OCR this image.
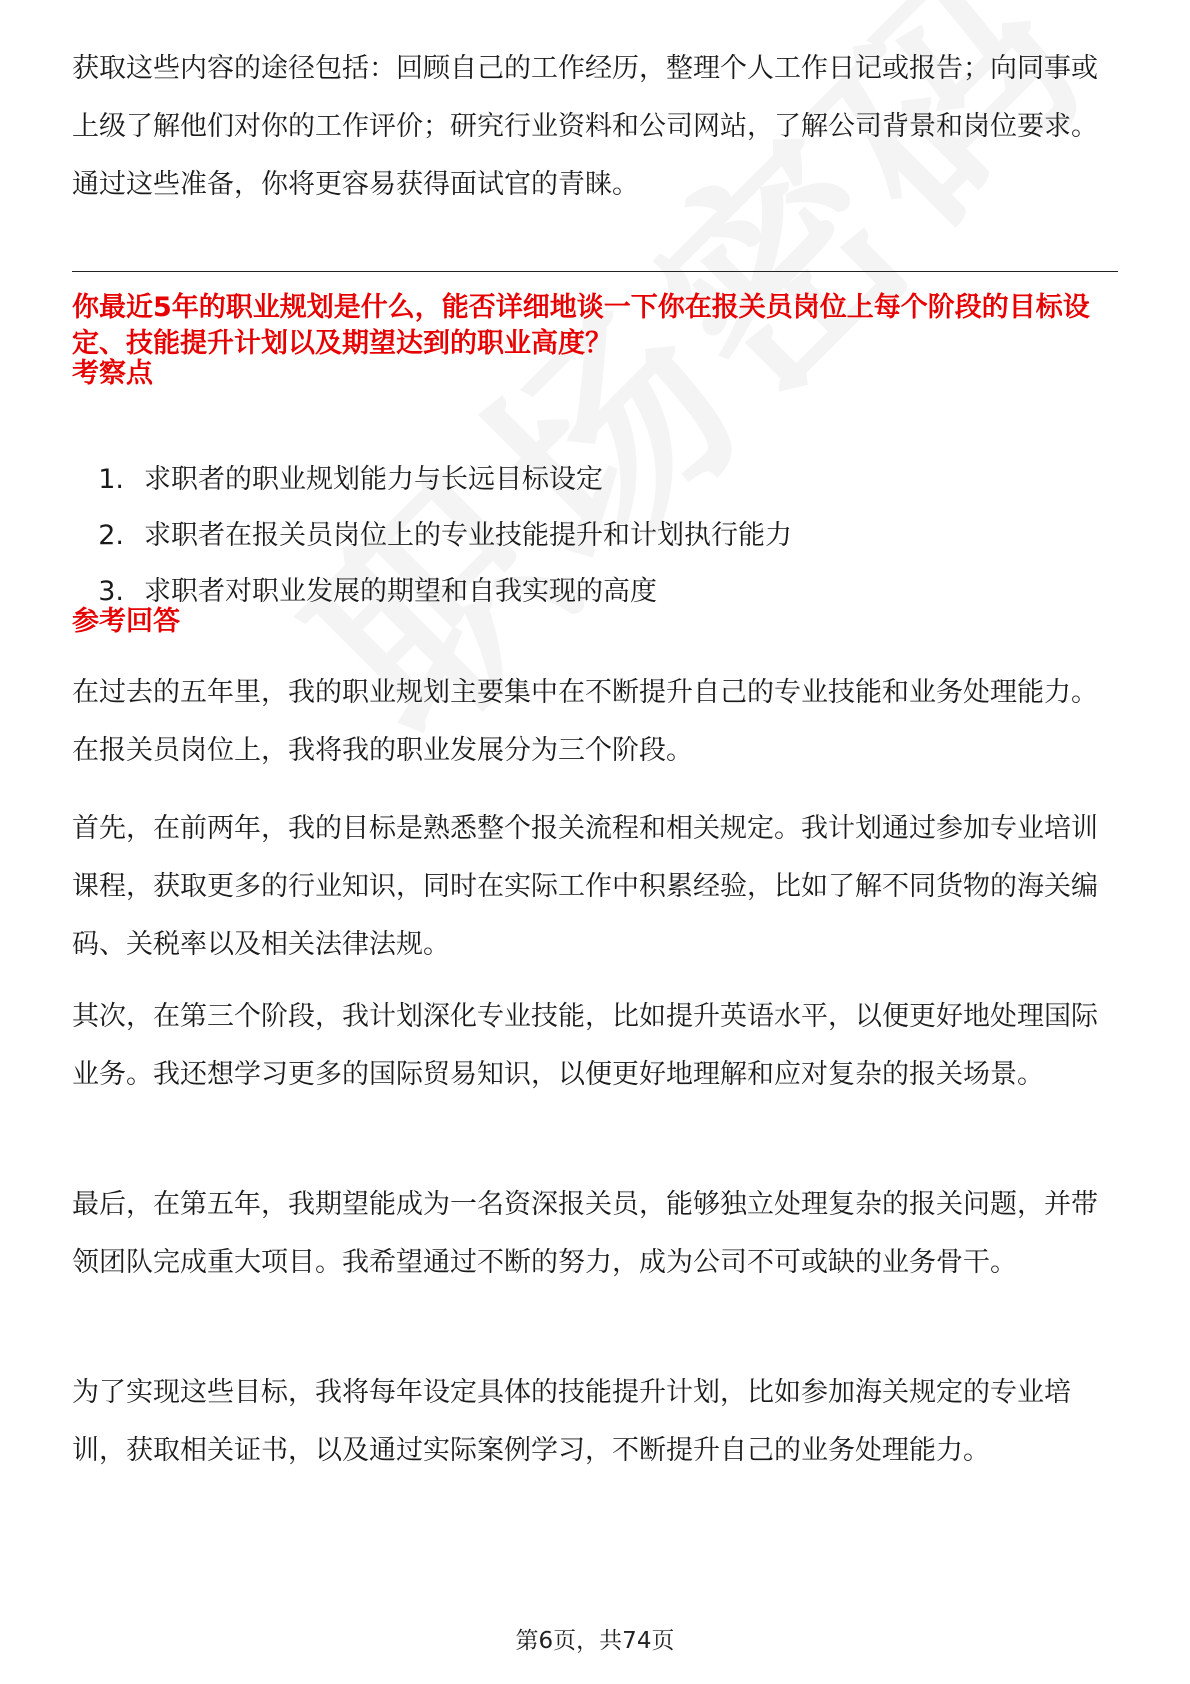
获取这些内容的途径包括：回顾自己的工作经历，整理个人工作日记或报告；向同事或上级了解他们对你的工作评价；研究行业资料和公司网站，了解公司背景和岗位要求。通过这些准备，你将更容易获得面试官的青睐。

你最近5年的职业规划是什么，能否详细地谈一下你在报关员岗位上每个阶段的目标设定、技能提升计划以及期望达到的职业高度？

考察点
1. 求职者的职业规划能力与长远目标设定
2. 求职者在报关员岗位上的专业技能提升和计划执行能力
3. 求职者对职业发展的期望和自我实现的高度
参考回答

在过去的五年里，我的职业规划主要集中在不断提升自己的专业技能和业务处理能力。在报关员岗位上，我将我的职业发展分为三个阶段。

首先，在前两年，我的目标是熟悉整个报关流程和相关规定。我计划通过参加专业培训课程，获取更多的行业知识，同时在实际工作中积累经验，比如了解不同货物的海关编码、关税率以及相关法律法规。

其次，在第三个阶段，我计划深化专业技能，比如提升英语水平，以便更好地处理国际业务。我还想学习更多的国际贸易知识，以便更好地理解和应对复杂的报关场景。

最后，在第五年，我期望能成为一名资深报关员，能够独立处理复杂的报关问题，并带领团队完成重大项目。我希望通过不断的努力，成为公司不可或缺的业务骨干。

为了实现这些目标，我将每年设定具体的技能提升计划，比如参加海关规定的专业培训，获取相关证书，以及通过实际案例学习，不断提升自己的业务处理能力。

第6页，共74页
